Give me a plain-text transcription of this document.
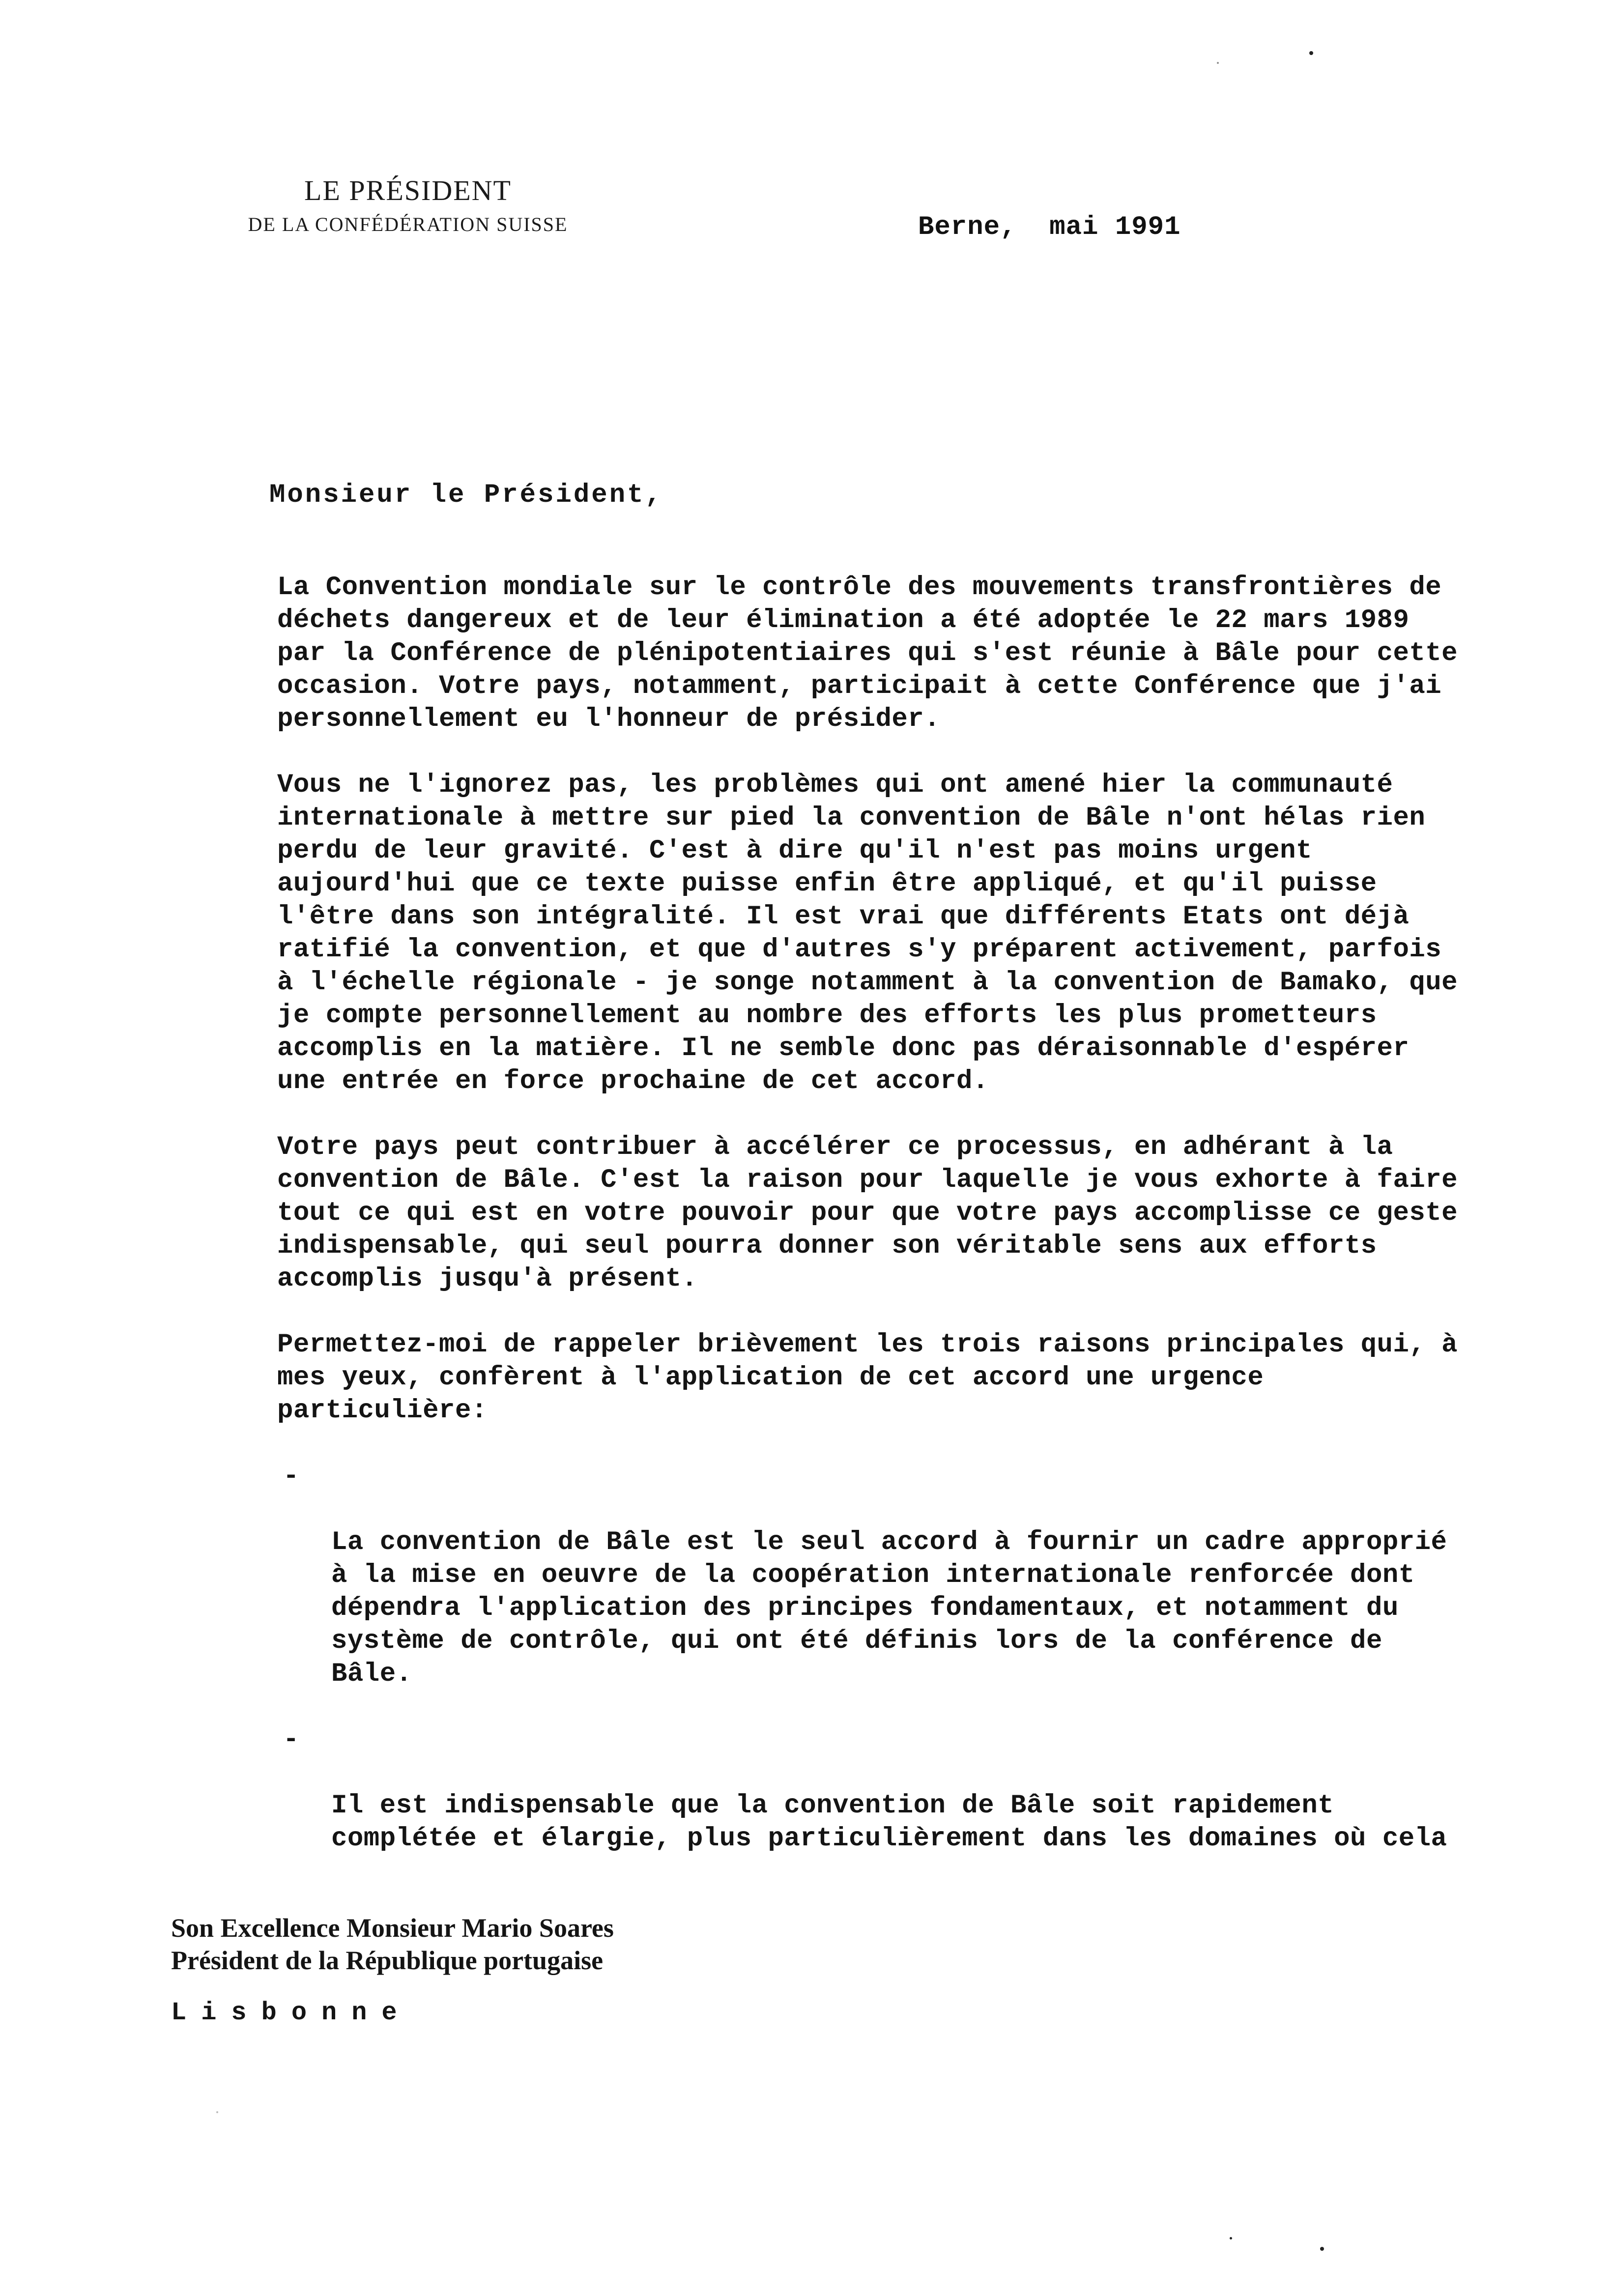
LE PRÉSIDENT
DE LA CONFÉDÉRATION SUISSE	Berne,  mai 1991
Monsieur le Président,

La Convention mondiale sur le contrôle des mouvements transfrontières de
déchets dangereux et de leur élimination a été adoptée le 22 mars 1989
par la Conférence de plénipotentiaires qui s'est réunie à Bâle pour cette
occasion. Votre pays, notamment, participait à cette Conférence que j'ai
personnellement eu l'honneur de présider.

Vous ne l'ignorez pas, les problèmes qui ont amené hier la communauté
internationale à mettre sur pied la convention de Bâle n'ont hélas rien
perdu de leur gravité. C'est à dire qu'il n'est pas moins urgent
aujourd'hui que ce texte puisse enfin être appliqué, et qu'il puisse
l'être dans son intégralité. Il est vrai que différents Etats ont déjà
ratifié la convention, et que d'autres s'y préparent activement, parfois
à l'échelle régionale - je songe notamment à la convention de Bamako, que
je compte personnellement au nombre des efforts les plus prometteurs
accomplis en la matière. Il ne semble donc pas déraisonnable d'espérer
une entrée en force prochaine de cet accord.

Votre pays peut contribuer à accélérer ce processus, en adhérant à la
convention de Bâle. C'est la raison pour laquelle je vous exhorte à faire
tout ce qui est en votre pouvoir pour que votre pays accomplisse ce geste
indispensable, qui seul pourra donner son véritable sens aux efforts
accomplis jusqu'à présent.

Permettez-moi de rappeler brièvement les trois raisons principales qui, à
mes yeux, confèrent à l'application de cet accord une urgence
particulière:

-

La convention de Bâle est le seul accord à fournir un cadre approprié
à la mise en oeuvre de la coopération internationale renforcée dont
dépendra l'application des principes fondamentaux, et notamment du
système de contrôle, qui ont été définis lors de la conférence de
Bâle.

-

Il est indispensable que la convention de Bâle soit rapidement
complétée et élargie, plus particulièrement dans les domaines où cela

Son Excellence Monsieur Mario Soares
Président de la République portugaise
Lisbonne
